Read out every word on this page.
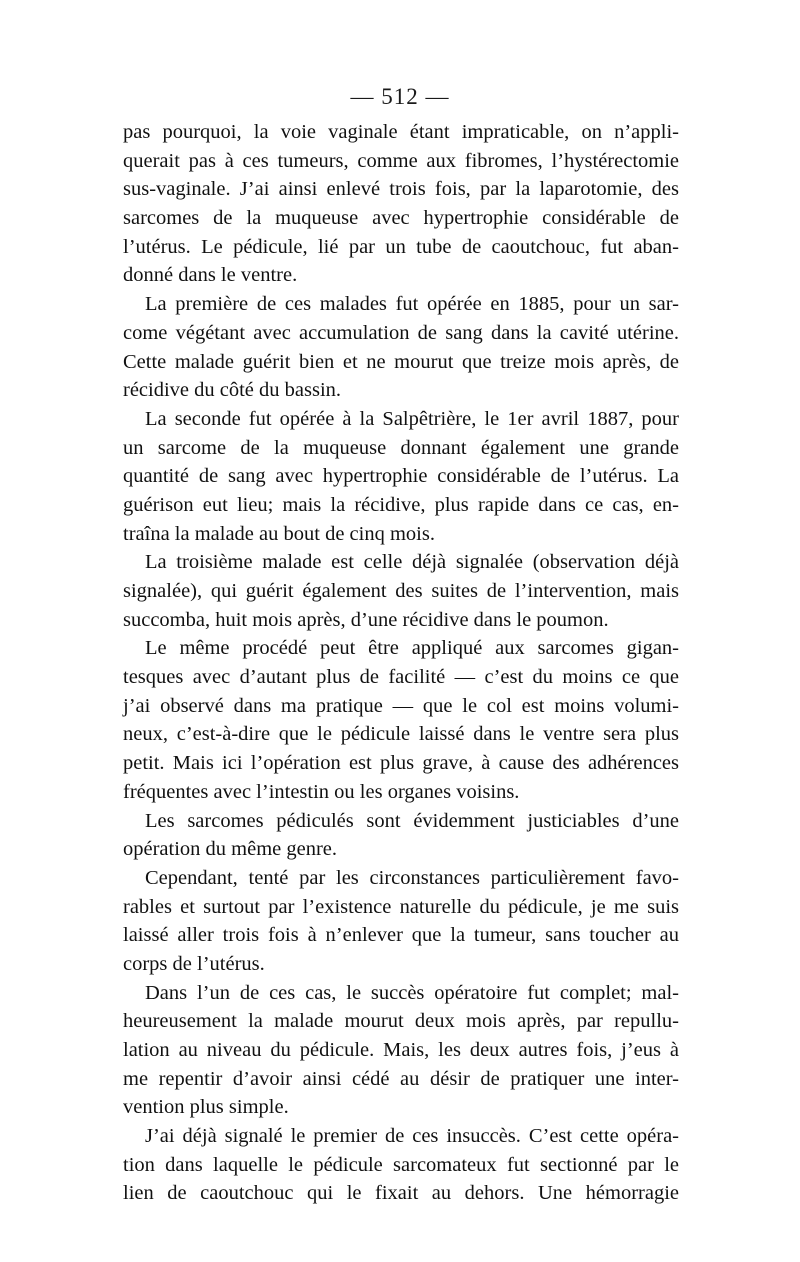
— 512 —
pas pourquoi, la voie vaginale étant impraticable, on n’appli-
querait pas à ces tumeurs, comme aux fibromes, l’hystérectomie
sus-vaginale. J’ai ainsi enlevé trois fois, par la laparotomie, des
sarcomes de la muqueuse avec hypertrophie considérable de
l’utérus. Le pédicule, lié par un tube de caoutchouc, fut aban-
donné dans le ventre.
La première de ces malades fut opérée en 1885, pour un sar-
come végétant avec accumulation de sang dans la cavité utérine.
Cette malade guérit bien et ne mourut que treize mois après, de
récidive du côté du bassin.
La seconde fut opérée à la Salpêtrière, le 1er avril 1887, pour
un sarcome de la muqueuse donnant également une grande
quantité de sang avec hypertrophie considérable de l’utérus. La
guérison eut lieu; mais la récidive, plus rapide dans ce cas, en-
traîna la malade au bout de cinq mois.
La troisième malade est celle déjà signalée (observation déjà
signalée), qui guérit également des suites de l’intervention, mais
succomba, huit mois après, d’une récidive dans le poumon.
Le même procédé peut être appliqué aux sarcomes gigan-
tesques avec d’autant plus de facilité — c’est du moins ce que
j’ai observé dans ma pratique — que le col est moins volumi-
neux, c’est-à-dire que le pédicule laissé dans le ventre sera plus
petit. Mais ici l’opération est plus grave, à cause des adhérences
fréquentes avec l’intestin ou les organes voisins.
Les sarcomes pédiculés sont évidemment justiciables d’une
opération du même genre.
Cependant, tenté par les circonstances particulièrement favo-
rables et surtout par l’existence naturelle du pédicule, je me suis
laissé aller trois fois à n’enlever que la tumeur, sans toucher au
corps de l’utérus.
Dans l’un de ces cas, le succès opératoire fut complet; mal-
heureusement la malade mourut deux mois après, par repullu-
lation au niveau du pédicule. Mais, les deux autres fois, j’eus à
me repentir d’avoir ainsi cédé au désir de pratiquer une inter-
vention plus simple.
J’ai déjà signalé le premier de ces insuccès. C’est cette opéra-
tion dans laquelle le pédicule sarcomateux fut sectionné par le
lien de caoutchouc qui le fixait au dehors. Une hémorragie
